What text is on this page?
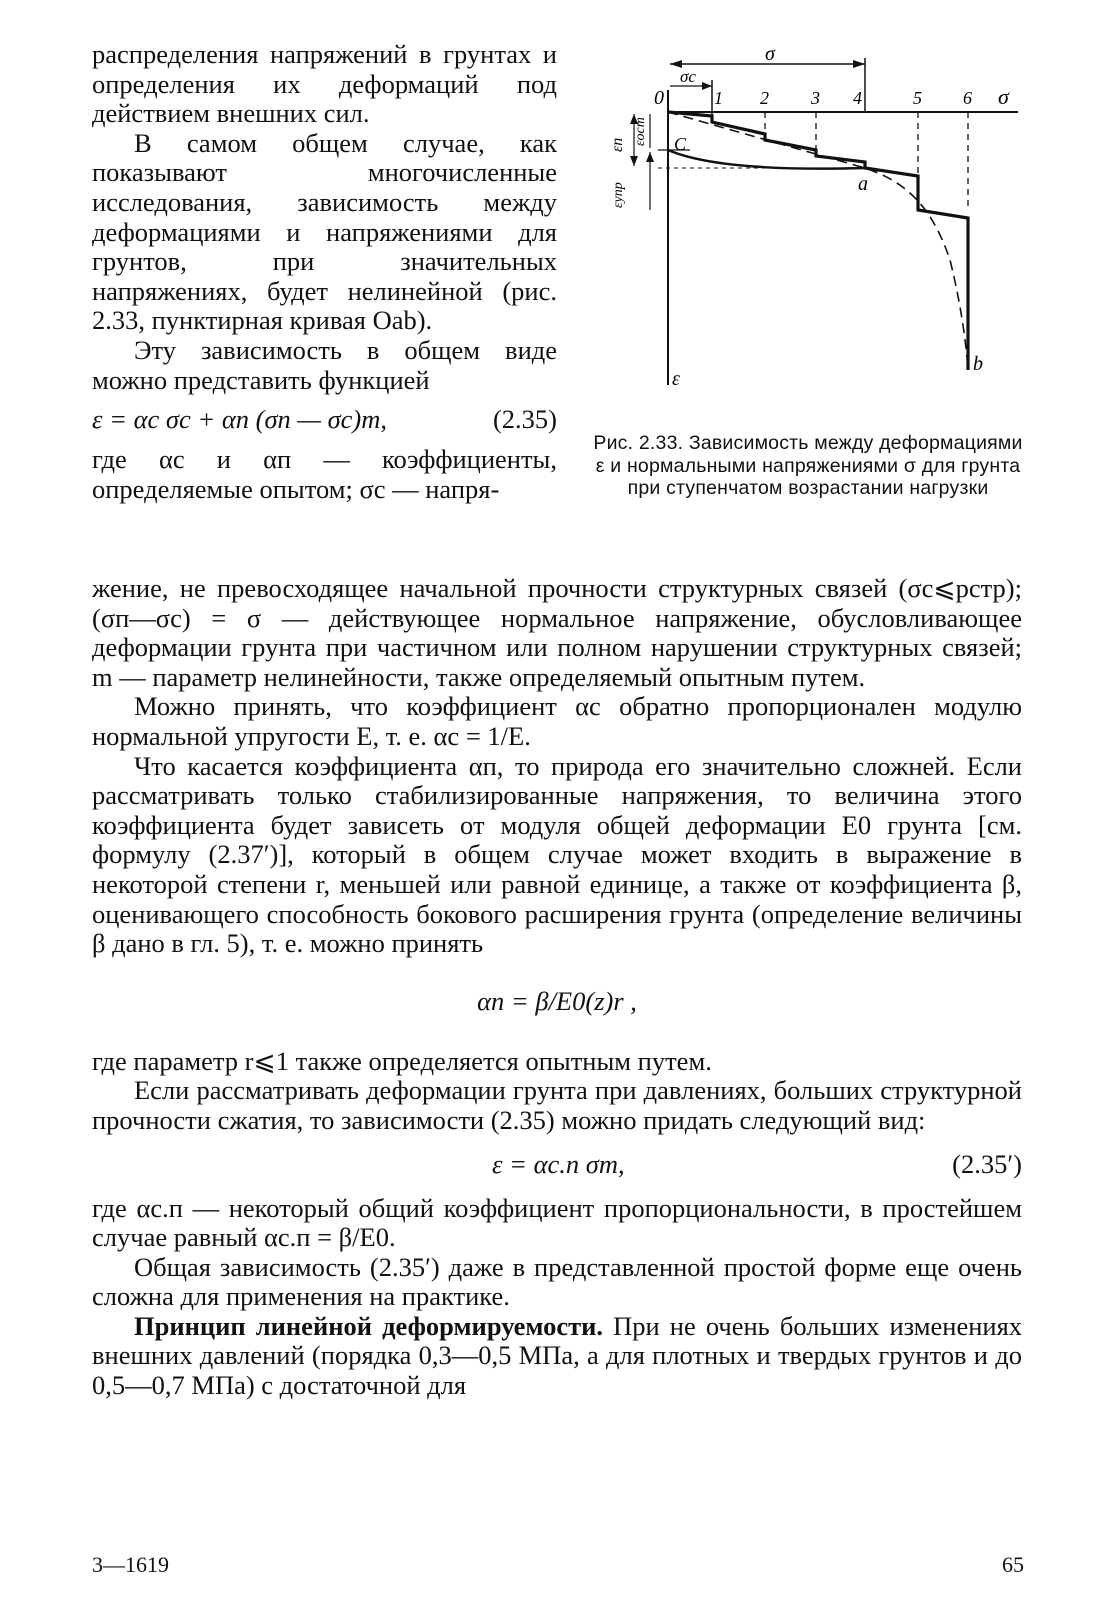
распределения напряжений в грунтах и определения их деформаций под действием внешних сил.

В самом общем случае, как показывают многочисленные исследования, зависимость между деформациями и напряжениями для грунтов, при значительных напряжениях, будет нелинейной (рис. 2.33, пунктирная кривая Oab).

Эту зависимость в общем виде можно представить функцией

ε = αc σc + αп (σп — σc)m,	(2.35)

где αc и αп — коэффициенты, определяемые опытом; σc — напря-

0
σ
σc
σ
ε
C
a
b
εп εост
εупр
1 2 3 4	5 6
Рис. 2.33. Зависимость между деформациями ε и нормальными напряжениями σ для грунта при ступенчатом возрастании нагрузки

жение, не превосходящее начальной прочности структурных связей (σc⩽pстр); (σп—σc) = σ — действующее нормальное напряжение, обусловливающее деформации грунта при частичном или полном нарушении структурных связей; m — параметр нелинейности, также определяемый опытным путем.

Можно принять, что коэффициент αc обратно пропорционален модулю нормальной упругости E, т. е. αc = 1/E.

Что касается коэффициента αп, то природа его значительно сложней. Если рассматривать только стабилизированные напряжения, то величина этого коэффициента будет зависеть от модуля общей деформации E0 грунта [см. формулу (2.37′)], который в общем случае может входить в выражение в некоторой степени r, меньшей или равной единице, а также от коэффициента β, оценивающего способность бокового расширения грунта (определение величины β дано в гл. 5), т. е. можно принять

αп = β/E0(z)r ,

где параметр r⩽1 также определяется опытным путем.

Если рассматривать деформации грунта при давлениях, больших структурной прочности сжатия, то зависимости (2.35) можно придать следующий вид:

ε = αc.п σm,	(2.35′)

где αc.п — некоторый общий коэффициент пропорциональности, в простейшем случае равный αc.п = β/E0.

Общая зависимость (2.35′) даже в представленной простой форме еще очень сложна для применения на практике.

Принцип линейной деформируемости. При не очень больших изменениях внешних давлений (порядка 0,3—0,5 МПа, а для плотных и твердых грунтов и до 0,5—0,7 МПа) с достаточной для

3—1619	65
